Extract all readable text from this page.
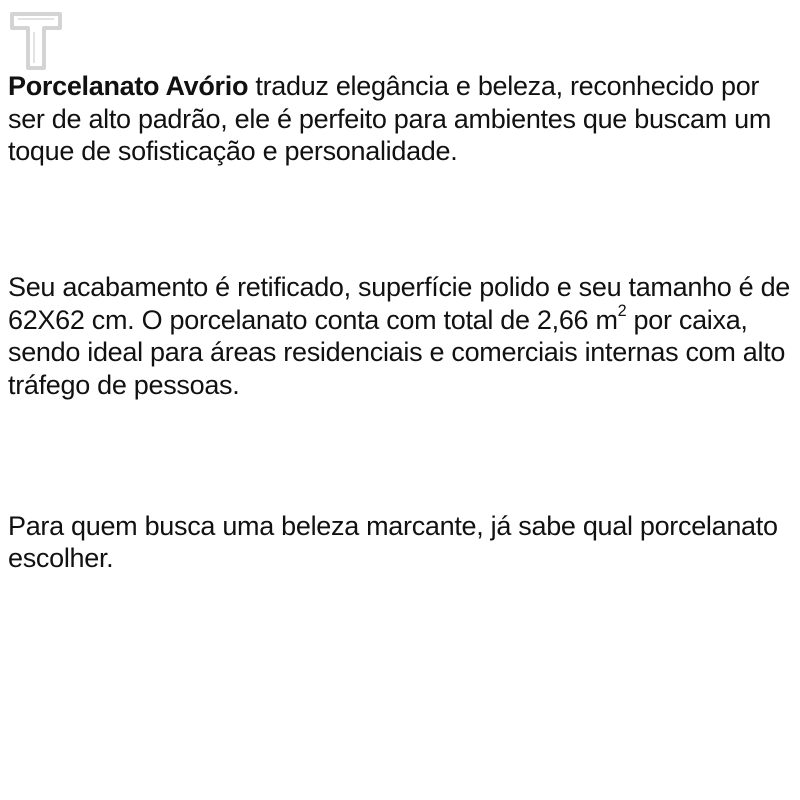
Porcelanato Avório traduz elegância e beleza, reconhecido por ser de alto padrão, ele é perfeito para ambientes que buscam um toque de sofisticação e personalidade.

Seu acabamento é retificado, superfície polido e seu tamanho é de 62X62 cm. O porcelanato conta com total de 2,66 $m^2$ por caixa, sendo ideal para áreas residenciais e comerciais internas com alto tráfego de pessoas.

Para quem busca uma beleza marcante, já sabe qual porcelanato escolher.
